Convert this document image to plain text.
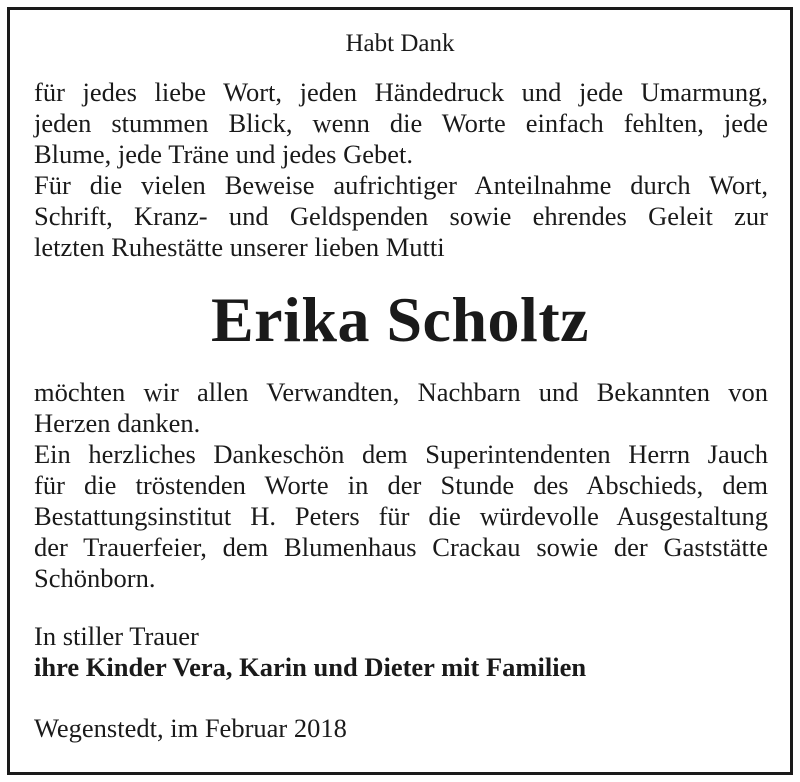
Habt Dank

für jedes liebe Wort, jeden Händedruck und jede Umarmung,
jeden stummen Blick, wenn die Worte einfach fehlten, jede
Blume, jede Träne und jedes Gebet.
Für die vielen Beweise aufrichtiger Anteilnahme durch Wort,
Schrift, Kranz- und Geldspenden sowie ehrendes Geleit zur
letzten Ruhestätte unserer lieben Mutti

Erika Scholtz

möchten wir allen Verwandten, Nachbarn und Bekannten von
Herzen danken.
Ein herzliches Dankeschön dem Superintendenten Herrn Jauch
für die tröstenden Worte in der Stunde des Abschieds, dem
Bestattungsinstitut H. Peters für die würdevolle Ausgestaltung
der Trauerfeier, dem Blumenhaus Crackau sowie der Gaststätte
Schönborn.

In stiller Trauer

ihre Kinder Vera, Karin und Dieter mit Familien

Wegenstedt, im Februar 2018
